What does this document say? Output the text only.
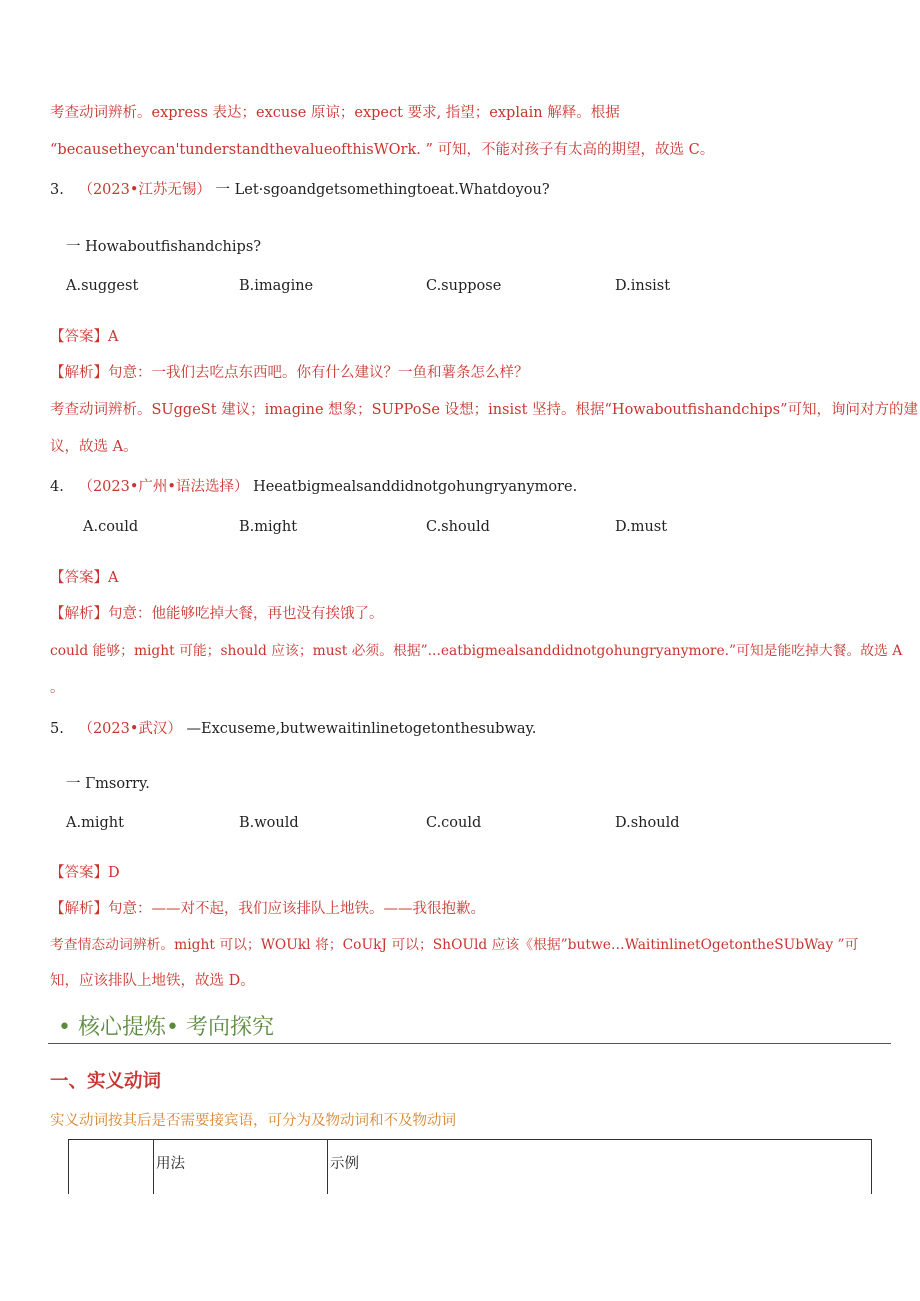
考查动词辨析。express 表达；excuse 原谅；expect 要求, 指望；explain 解释。根据
“becausetheycan'tunderstandthevalueofthisWOrk. ” 可知，不能对孩子有太高的期望，故选 C。
3. （2023•江苏无锡） 一 Let·sgoandgetsomethingtoeat.Whatdoyou?
一 Howaboutfishandchips?
A.suggest	B.imagine	C.suppose	D.insist
【答案】A
【解析】句意：一我们去吃点东西吧。你有什么建议？一鱼和薯条怎么样？
考查动词辨析。SUggeSt 建议；imagine 想象；SUPPoSe 设想；insist 坚持。根据“Howaboutfishandchips”可知，询问对方的建
议，故选 A。
4. （2023•广州•语法选择） Heeatbigmealsanddidnotgohungryanymore.
A.could	B.might	C.should	D.must
【答案】A
【解析】句意：他能够吃掉大餐，再也没有挨饿了。
could 能够；might 可能；should 应该；must 必须。根据”...eatbigmealsanddidnotgohungryanymore.”可知是能吃掉大餐。故选 A
。
5. （2023•武汉） —Excuseme,butwewaitinlinetogetonthesubway.
一 Γmsorry.
A.might	B.would	C.could	D.should
【答案】D
【解析】句意：——对不起，我们应该排队上地铁。——我很抱歉。
考查情态动词辨析。might 可以；WOUkl 将；CoUkJ 可以；ShOUld 应该《根据”butwe…WaitinlinetOgetontheSUbWay ”可
知，应该排队上地铁，故选 D。
• 核心提炼• 考向探究
一、实义动词
实义动词按其后是否需要接宾语，可分为及物动词和不及物动词
	用法	示例
